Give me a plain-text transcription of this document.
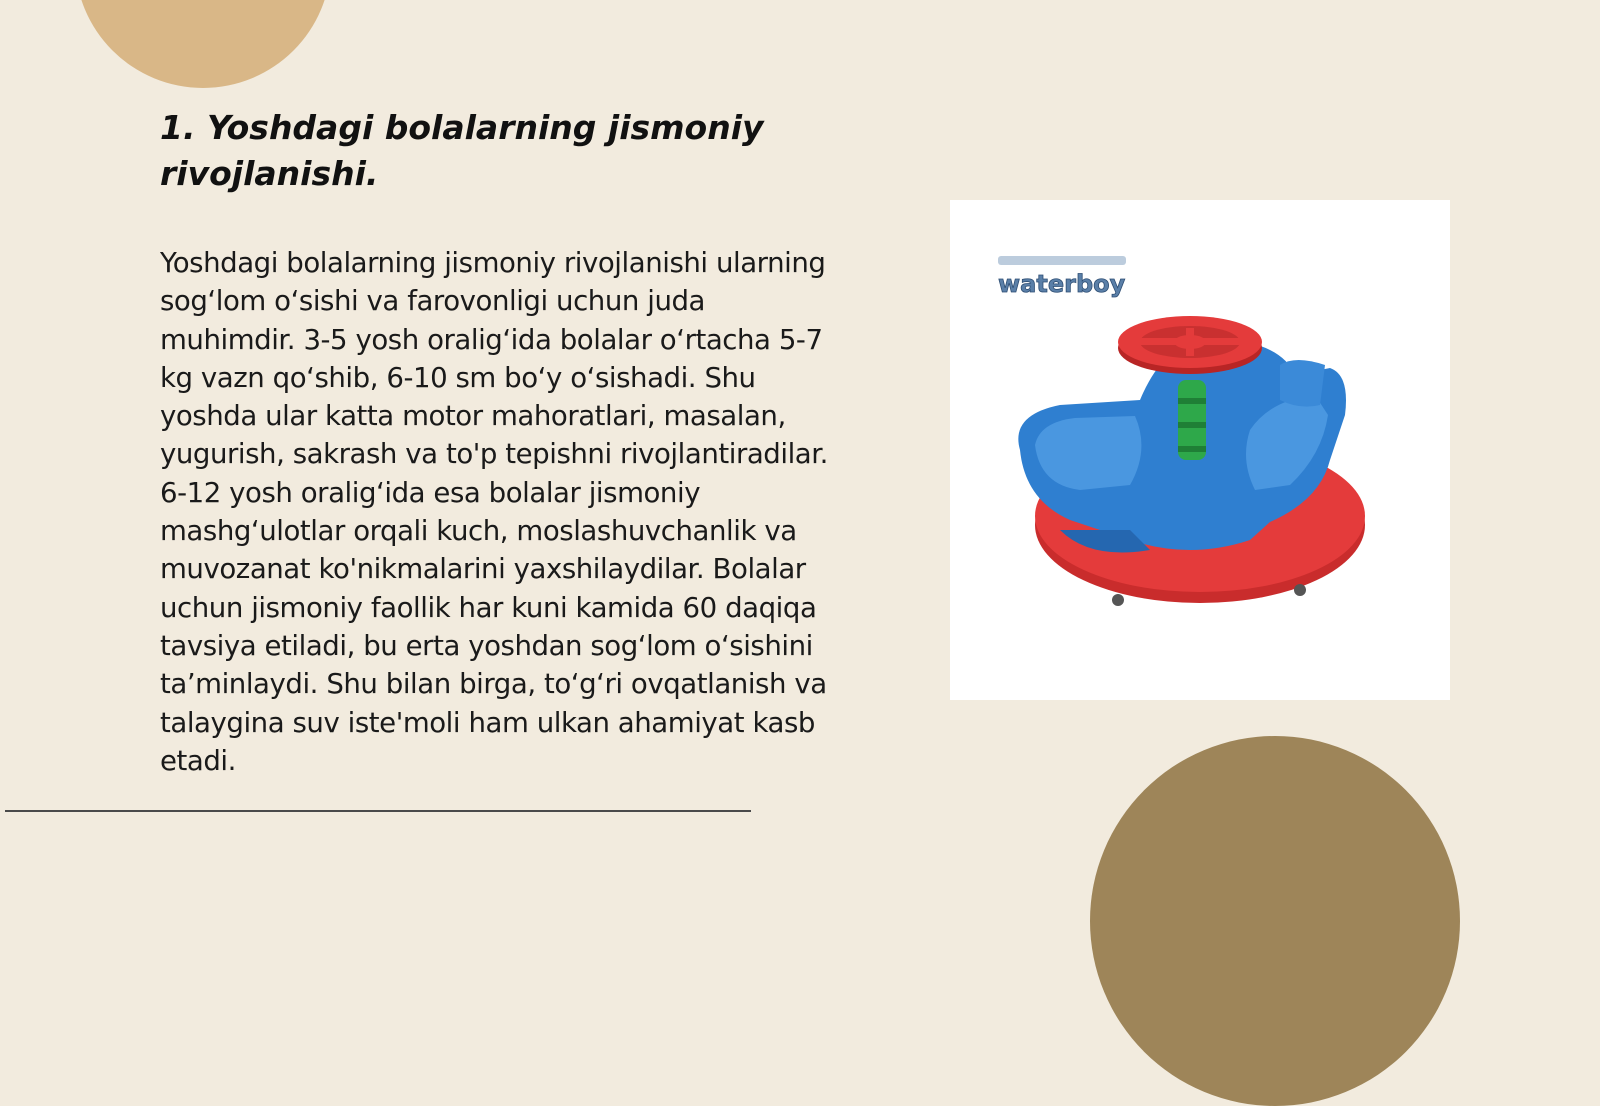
1. Yoshdagi bolalarning jismoniy rivojlanishi.

Yoshdagi bolalarning jismoniy rivojlanishi ularning sog‘lom o‘sishi va farovonligi uchun juda muhimdir. 3-5 yosh oralig‘ida bolalar o‘rtacha 5-7 kg vazn qo‘shib, 6-10 sm bo‘y o‘sishadi. Shu yoshda ular katta motor mahoratlari, masalan, yugurish, sakrash va to'p tepishni rivojlantiradilar. 6-12 yosh oralig‘ida esa bolalar jismoniy mashg‘ulotlar orqali kuch, moslashuvchanlik va muvozanat ko'nikmalarini yaxshilaydilar. Bolalar uchun jismoniy faollik har kuni kamida 60 daqiqa tavsiya etiladi, bu erta yoshdan sog‘lom o‘sishini ta’minlaydi. Shu bilan birga, to‘g‘ri ovqatlanish va talaygina suv iste'moli ham ulkan ahamiyat kasb etadi.

waterboy
